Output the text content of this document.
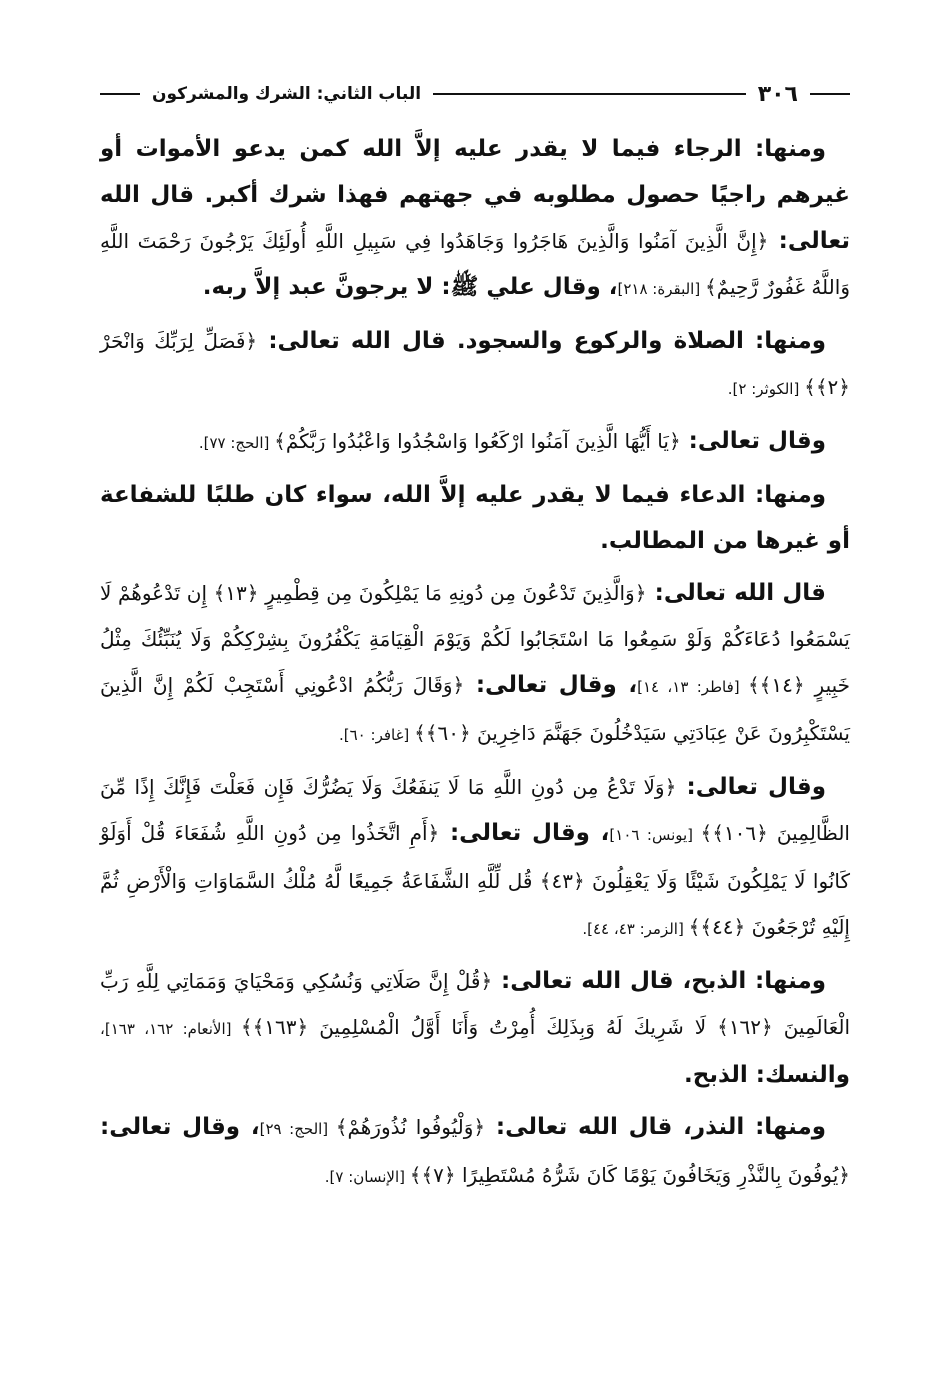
٣٠٦
الباب الثاني: الشرك والمشركون

ومنها: الرجاء فيما لا يقدر عليه إلاَّ الله كمن يدعو الأموات أو غيرهم راجيًا حصول مطلوبه في جهتهم فهذا شرك أكبر. قال الله تعالى: ﴿إِنَّ الَّذِينَ آمَنُوا وَالَّذِينَ هَاجَرُوا وَجَاهَدُوا فِي سَبِيلِ اللَّهِ أُولَئِكَ يَرْجُونَ رَحْمَتَ اللَّهِ وَاللَّهُ غَفُورٌ رَّحِيمٌ﴾ [البقرة: ٢١٨]، وقال علي ﷺ: لا يرجونَّ عبد إلاَّ ربه.

ومنها: الصلاة والركوع والسجود. قال الله تعالى: ﴿فَصَلِّ لِرَبِّكَ وَانْحَرْ ﴿٢﴾﴾ [الكوثر: ٢].

وقال تعالى: ﴿يَا أَيُّهَا الَّذِينَ آمَنُوا ارْكَعُوا وَاسْجُدُوا وَاعْبُدُوا رَبَّكُمْ﴾ [الحج: ٧٧].

ومنها: الدعاء فيما لا يقدر عليه إلاَّ الله، سواء كان طلبًا للشفاعة أو غيرها من المطالب.

قال الله تعالى: ﴿وَالَّذِينَ تَدْعُونَ مِن دُونِهِ مَا يَمْلِكُونَ مِن قِطْمِيرٍ ﴿١٣﴾ إِن تَدْعُوهُمْ لَا يَسْمَعُوا دُعَاءَكُمْ وَلَوْ سَمِعُوا مَا اسْتَجَابُوا لَكُمْ وَيَوْمَ الْقِيَامَةِ يَكْفُرُونَ بِشِرْكِكُمْ وَلَا يُنَبِّئُكَ مِثْلُ خَبِيرٍ ﴿١٤﴾﴾ [فاطر: ١٣، ١٤]، وقال تعالى: ﴿وَقَالَ رَبُّكُمُ ادْعُونِي أَسْتَجِبْ لَكُمْ إِنَّ الَّذِينَ يَسْتَكْبِرُونَ عَنْ عِبَادَتِي سَيَدْخُلُونَ جَهَنَّمَ دَاخِرِينَ ﴿٦٠﴾﴾ [غافر: ٦٠].

وقال تعالى: ﴿وَلَا تَدْعُ مِن دُونِ اللَّهِ مَا لَا يَنفَعُكَ وَلَا يَضُرُّكَ فَإِن فَعَلْتَ فَإِنَّكَ إِذًا مِّنَ الظَّالِمِينَ ﴿١٠٦﴾﴾ [يونس: ١٠٦]، وقال تعالى: ﴿أَمِ اتَّخَذُوا مِن دُونِ اللَّهِ شُفَعَاءَ قُلْ أَوَلَوْ كَانُوا لَا يَمْلِكُونَ شَيْئًا وَلَا يَعْقِلُونَ ﴿٤٣﴾ قُل لِّلَّهِ الشَّفَاعَةُ جَمِيعًا لَّهُ مُلْكُ السَّمَاوَاتِ وَالْأَرْضِ ثُمَّ إِلَيْهِ تُرْجَعُونَ ﴿٤٤﴾﴾ [الزمر: ٤٣، ٤٤].

ومنها: الذبح، قال الله تعالى: ﴿قُلْ إِنَّ صَلَاتِي وَنُسُكِي وَمَحْيَايَ وَمَمَاتِي لِلَّهِ رَبِّ الْعَالَمِينَ ﴿١٦٢﴾ لَا شَرِيكَ لَهُ وَبِذَلِكَ أُمِرْتُ وَأَنَا أَوَّلُ الْمُسْلِمِينَ ﴿١٦٣﴾﴾ [الأنعام: ١٦٢، ١٦٣]، والنسك: الذبح.

ومنها: النذر، قال الله تعالى: ﴿وَلْيُوفُوا نُذُورَهُمْ﴾ [الحج: ٢٩]، وقال تعالى: ﴿يُوفُونَ بِالنَّذْرِ وَيَخَافُونَ يَوْمًا كَانَ شَرُّهُ مُسْتَطِيرًا ﴿٧﴾﴾ [الإنسان: ٧].
